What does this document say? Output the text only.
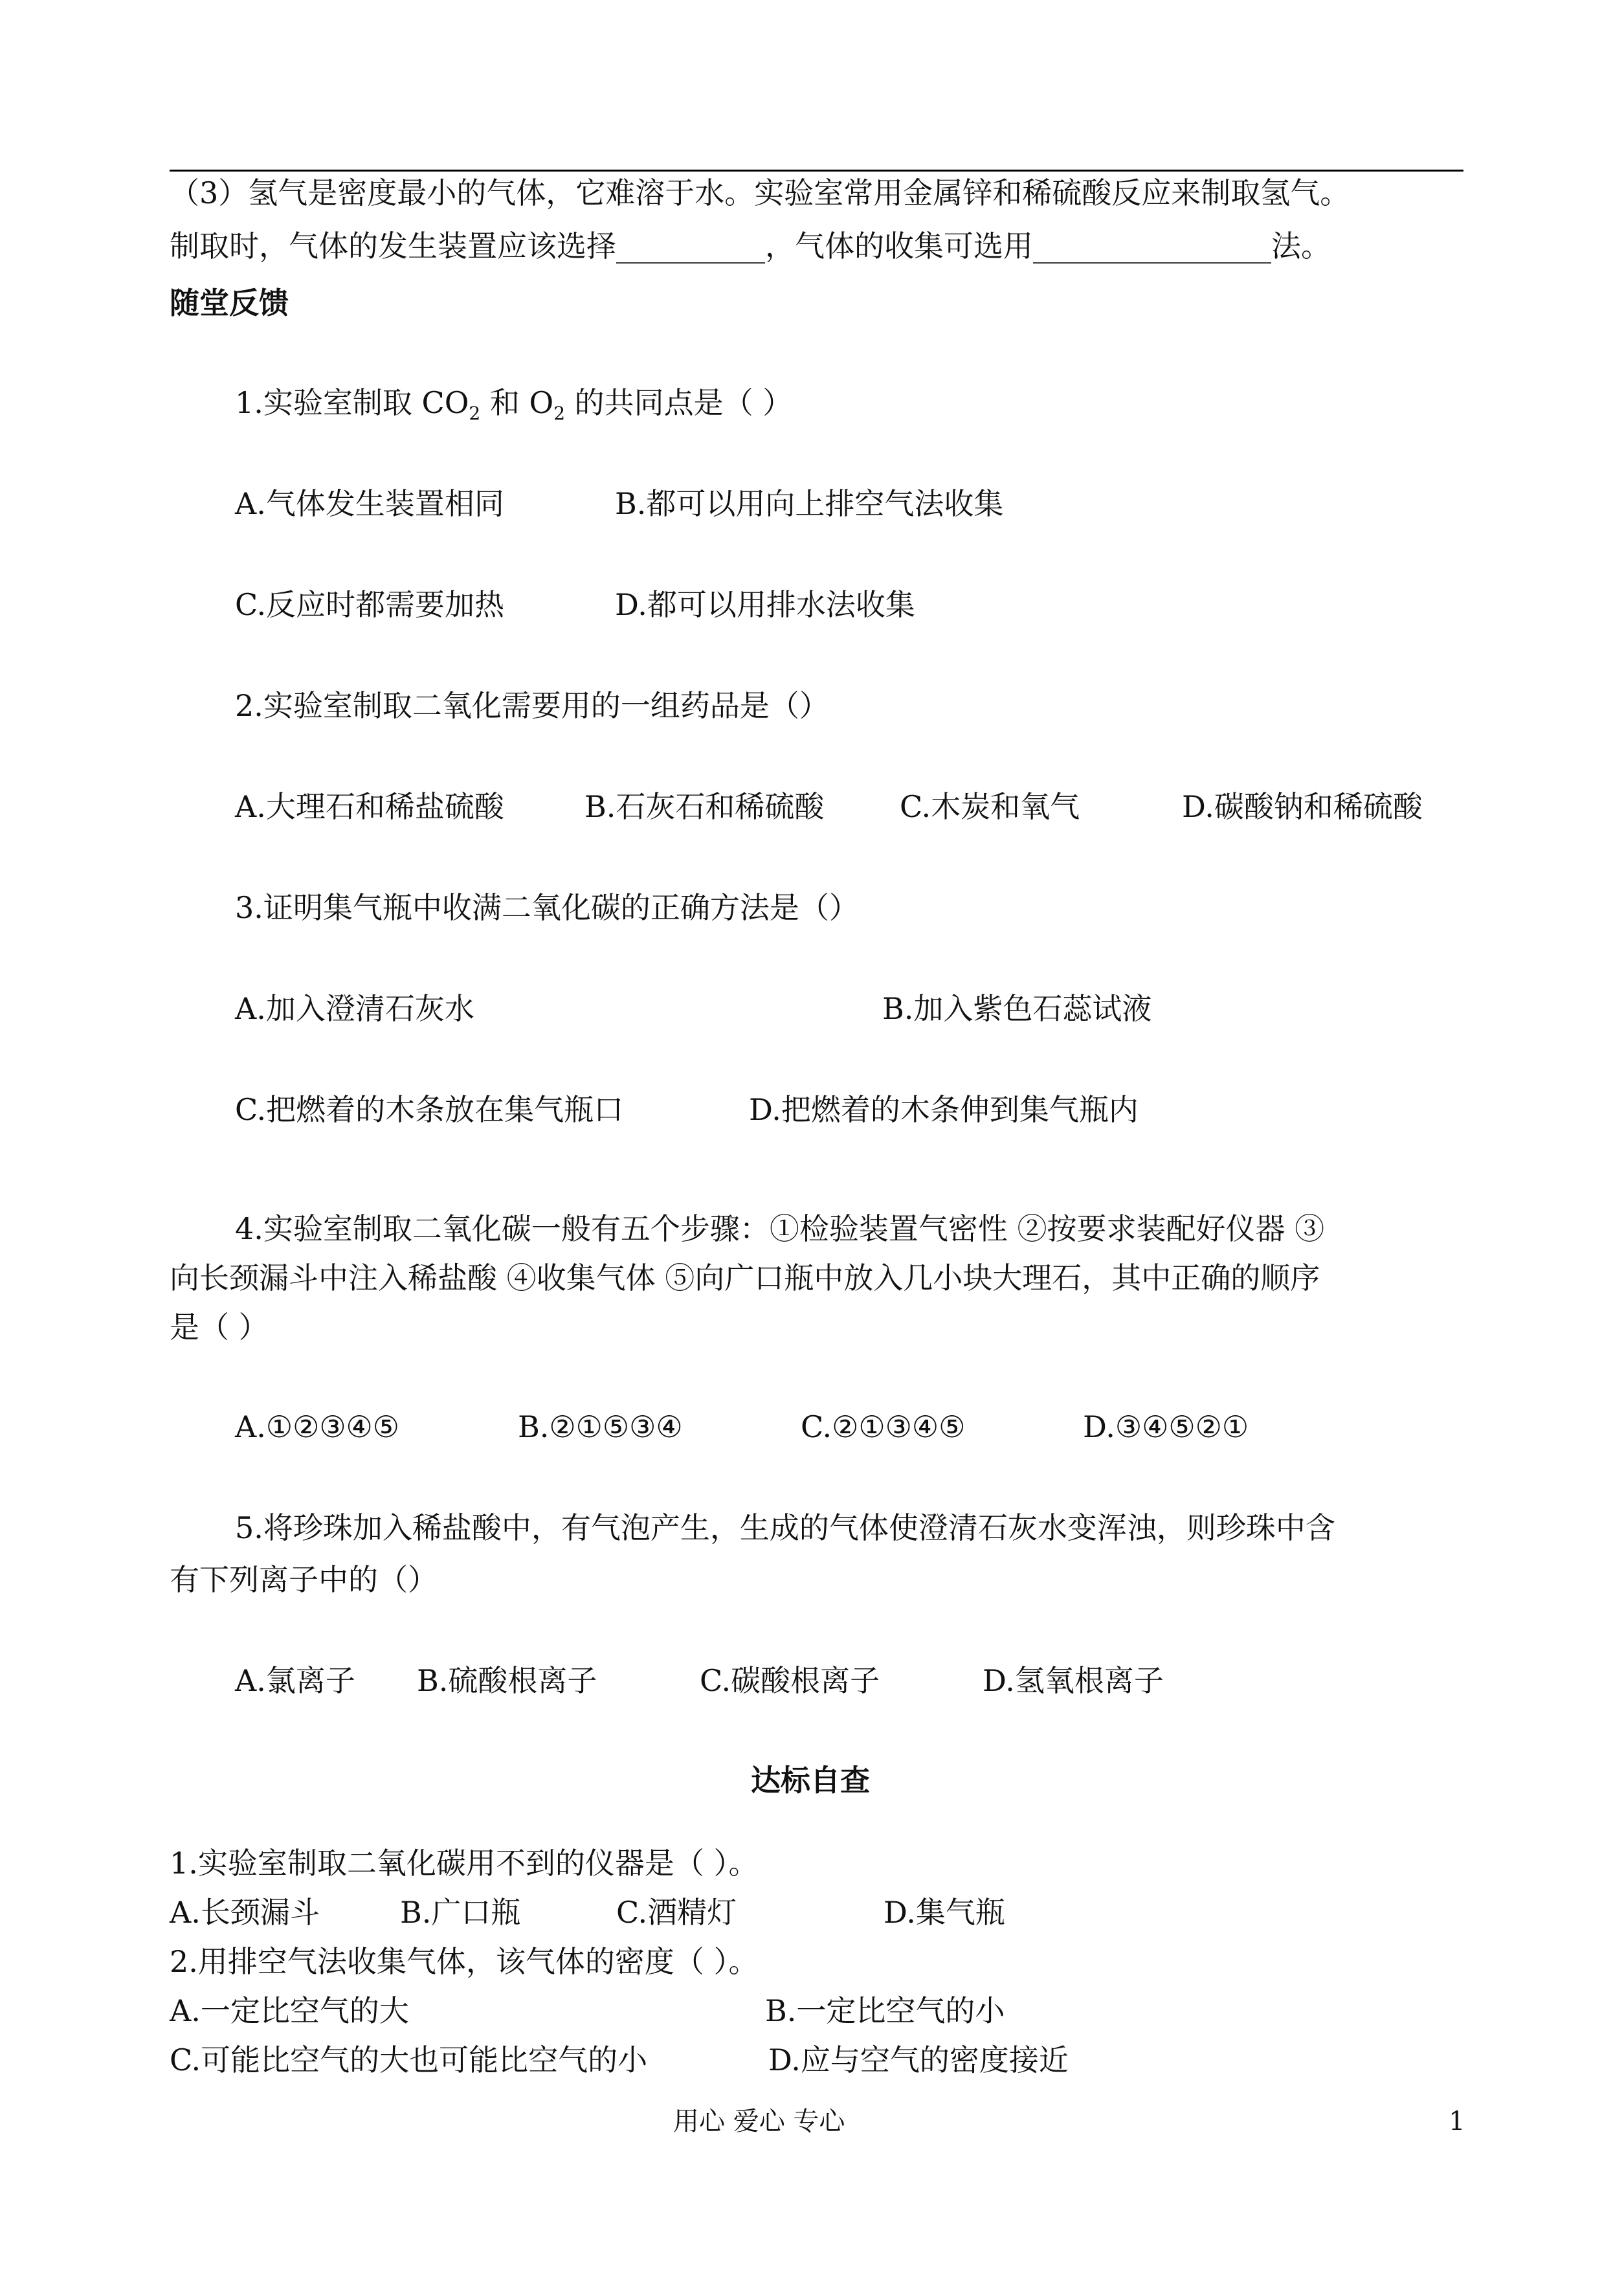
（3）氢气是密度最小的气体，它难溶于水。实验室常用金属锌和稀硫酸反应来制取氢气。
制取时，气体的发生装置应该选择__________，气体的收集可选用________________法。
随堂反馈
1.实验室制取 $CO_2$ 和 $O_2$ 的共同点是（ ）
A.气体发生装置相同	B.都可以用向上排空气法收集
C.反应时都需要加热	D.都可以用排水法收集
2.实验室制取二氧化需要用的一组药品是（）
A.大理石和稀盐硫酸	B.石灰石和稀硫酸	C.木炭和氧气	D.碳酸钠和稀硫酸
3.证明集气瓶中收满二氧化碳的正确方法是（）
A.加入澄清石灰水	B.加入紫色石蕊试液
C.把燃着的木条放在集气瓶口	D.把燃着的木条伸到集气瓶内
4.实验室制取二氧化碳一般有五个步骤：①检验装置气密性 ②按要求装配好仪器 ③
向长颈漏斗中注入稀盐酸 ④收集气体 ⑤向广口瓶中放入几小块大理石，其中正确的顺序
是（ ）
A.①②③④⑤	B.②①⑤③④	C.②①③④⑤	D.③④⑤②①
5.将珍珠加入稀盐酸中，有气泡产生，生成的气体使澄清石灰水变浑浊，则珍珠中含
有下列离子中的（）
A.氯离子 B.硫酸根离子	C.碳酸根离子	D.氢氧根离子
达标自查
1.实验室制取二氧化碳用不到的仪器是（ ）。
A.长颈漏斗	B.广口瓶	C.酒精灯	D.集气瓶
2.用排空气法收集气体，该气体的密度（ ）。
A.一定比空气的大	B.一定比空气的小
C.可能比空气的大也可能比空气的小	D.应与空气的密度接近
用心 爱心 专心	1
